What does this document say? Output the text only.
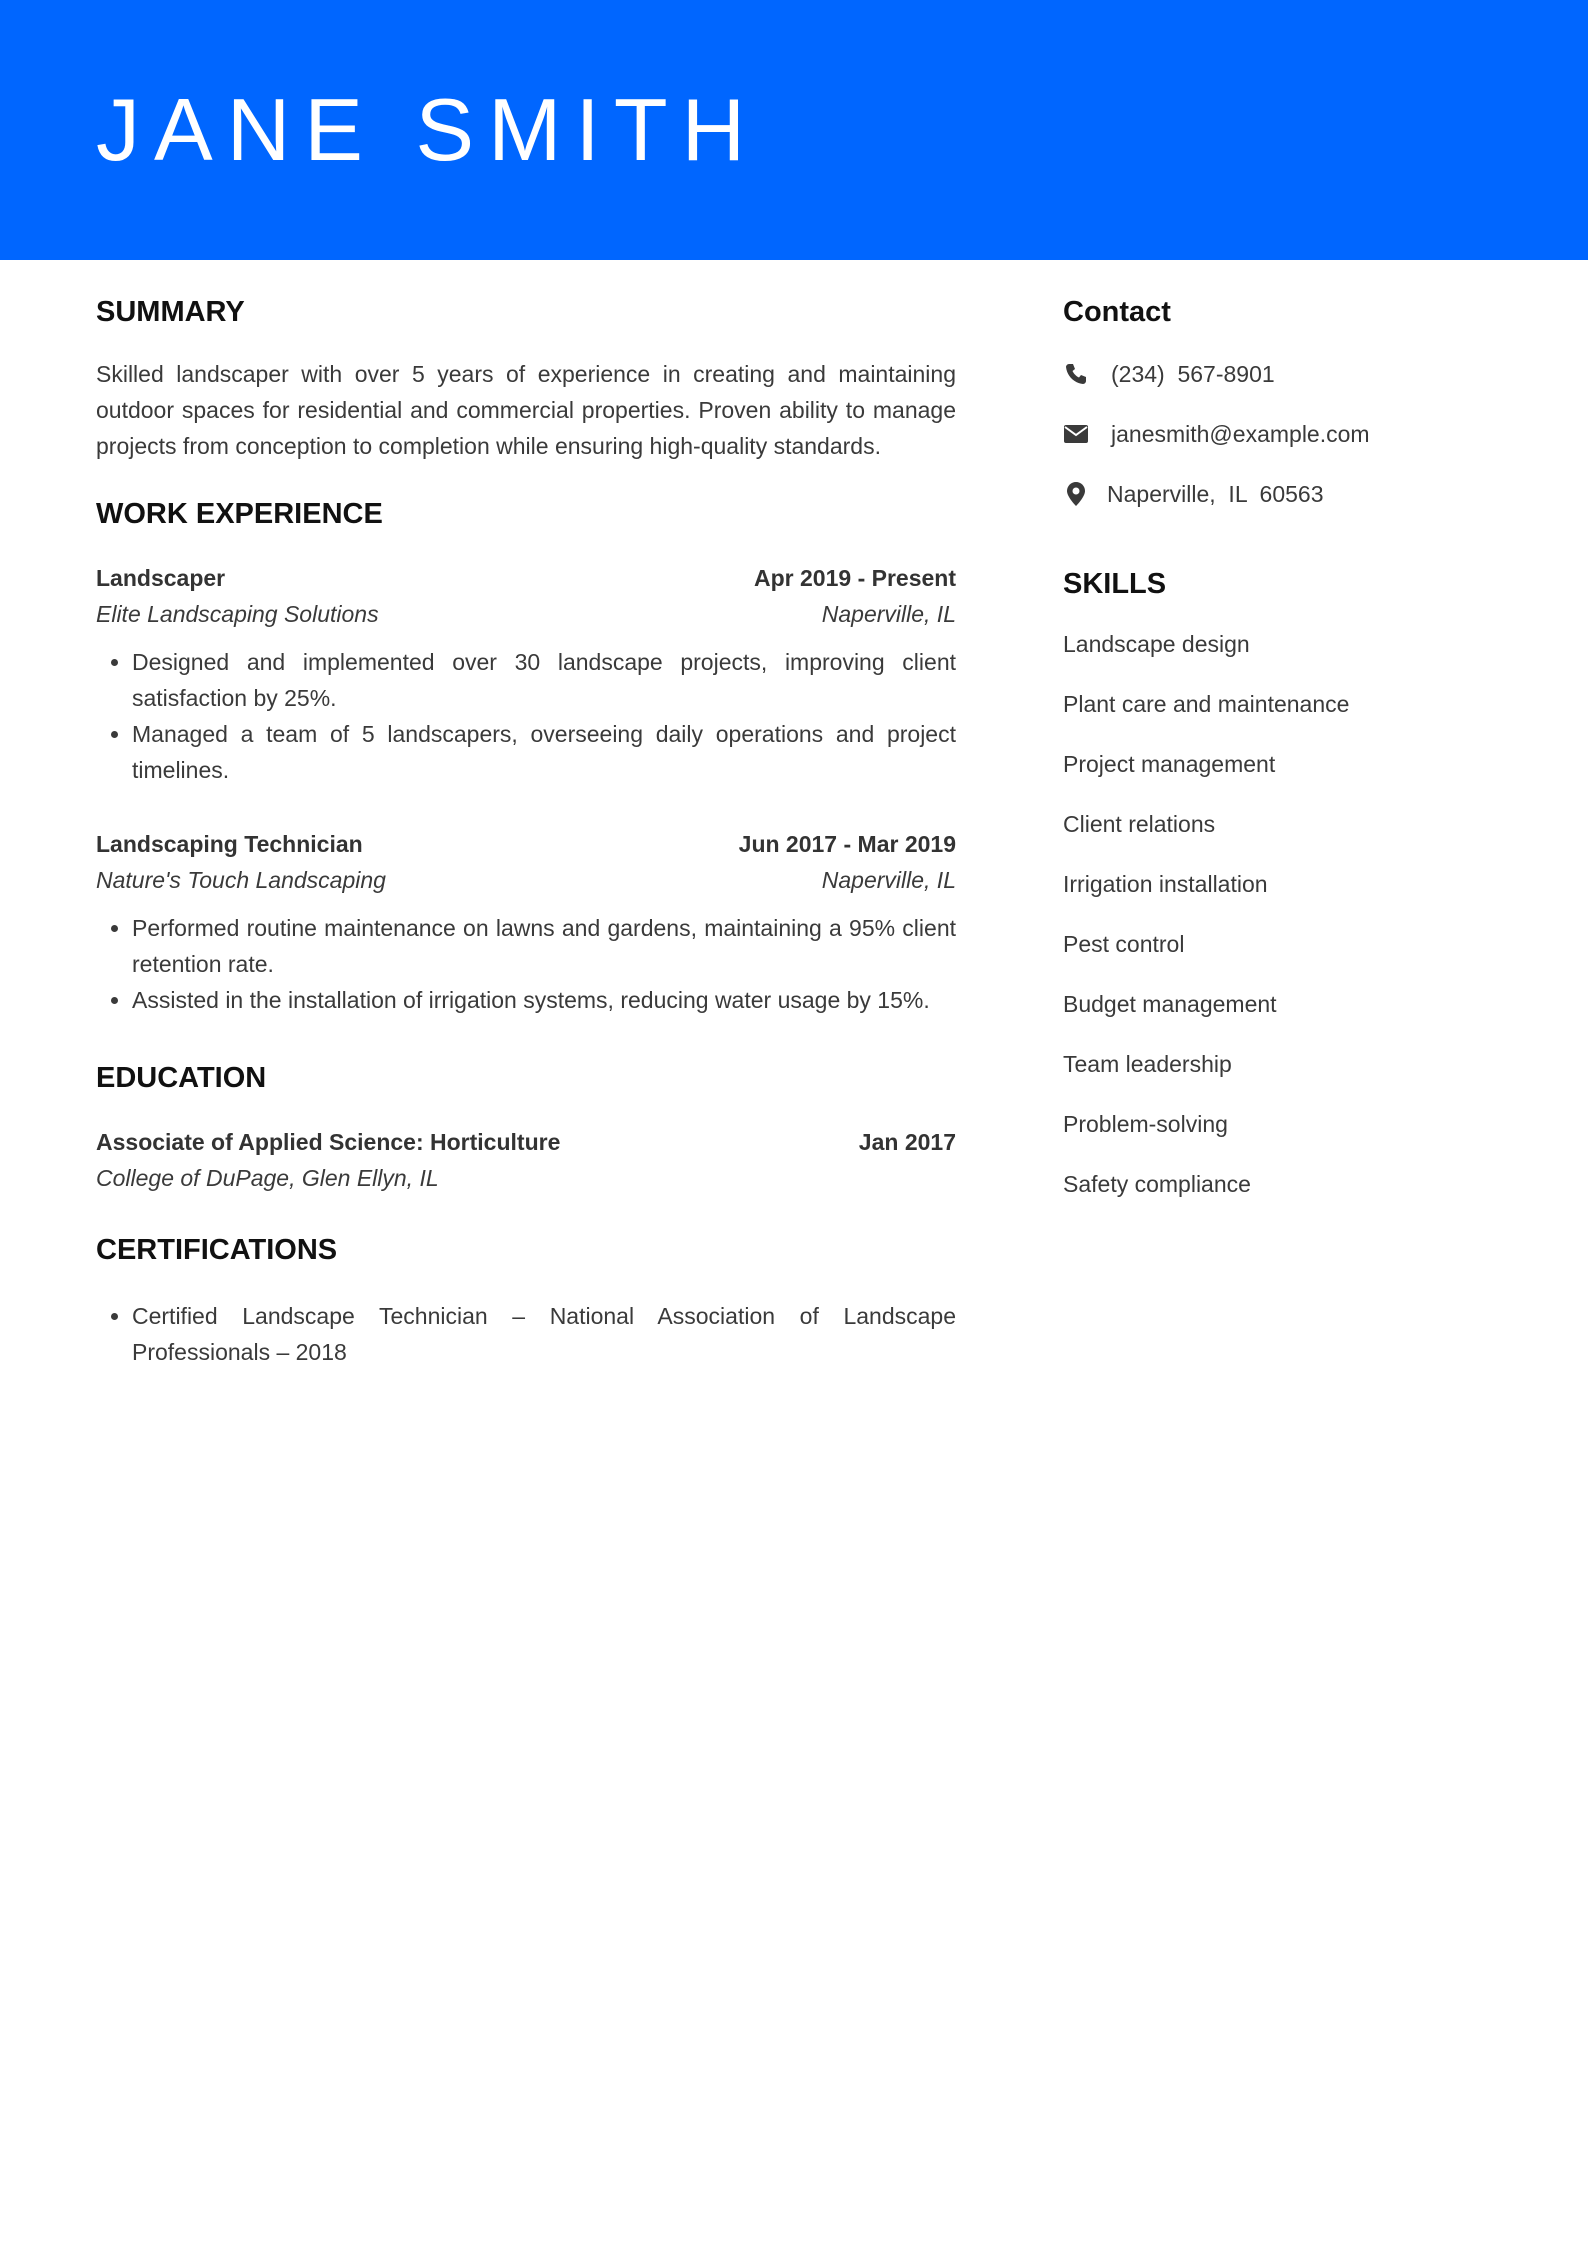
JANE SMITH
SUMMARY

Skilled landscaper with over 5 years of experience in creating and maintaining outdoor spaces for residential and commercial properties. Proven ability to manage projects from conception to completion while ensuring high-quality standards.

WORK EXPERIENCE
Landscaper	Apr 2019 - Present
Elite Landscaping Solutions	Naperville, IL
• Designed and implemented over 30 landscape projects, improving client satisfaction by 25%.
• Managed a team of 5 landscapers, overseeing daily operations and project timelines.
Landscaping Technician	Jun 2017 - Mar 2019
Nature's Touch Landscaping	Naperville, IL
• Performed routine maintenance on lawns and gardens, maintaining a 95% client retention rate.
• Assisted in the installation of irrigation systems, reducing water usage by 15%.
EDUCATION
Associate of Applied Science: Horticulture	Jan 2017
College of DuPage, Glen Ellyn, IL
CERTIFICATIONS
• Certified Landscape Technician – National Association of Landscape Professionals – 2018
Contact
(234)  567-8901
janesmith@example.com
Naperville,  IL  60563
SKILLS
Landscape design
Plant care and maintenance
Project management
Client relations
Irrigation installation
Pest control
Budget management
Team leadership
Problem-solving
Safety compliance
